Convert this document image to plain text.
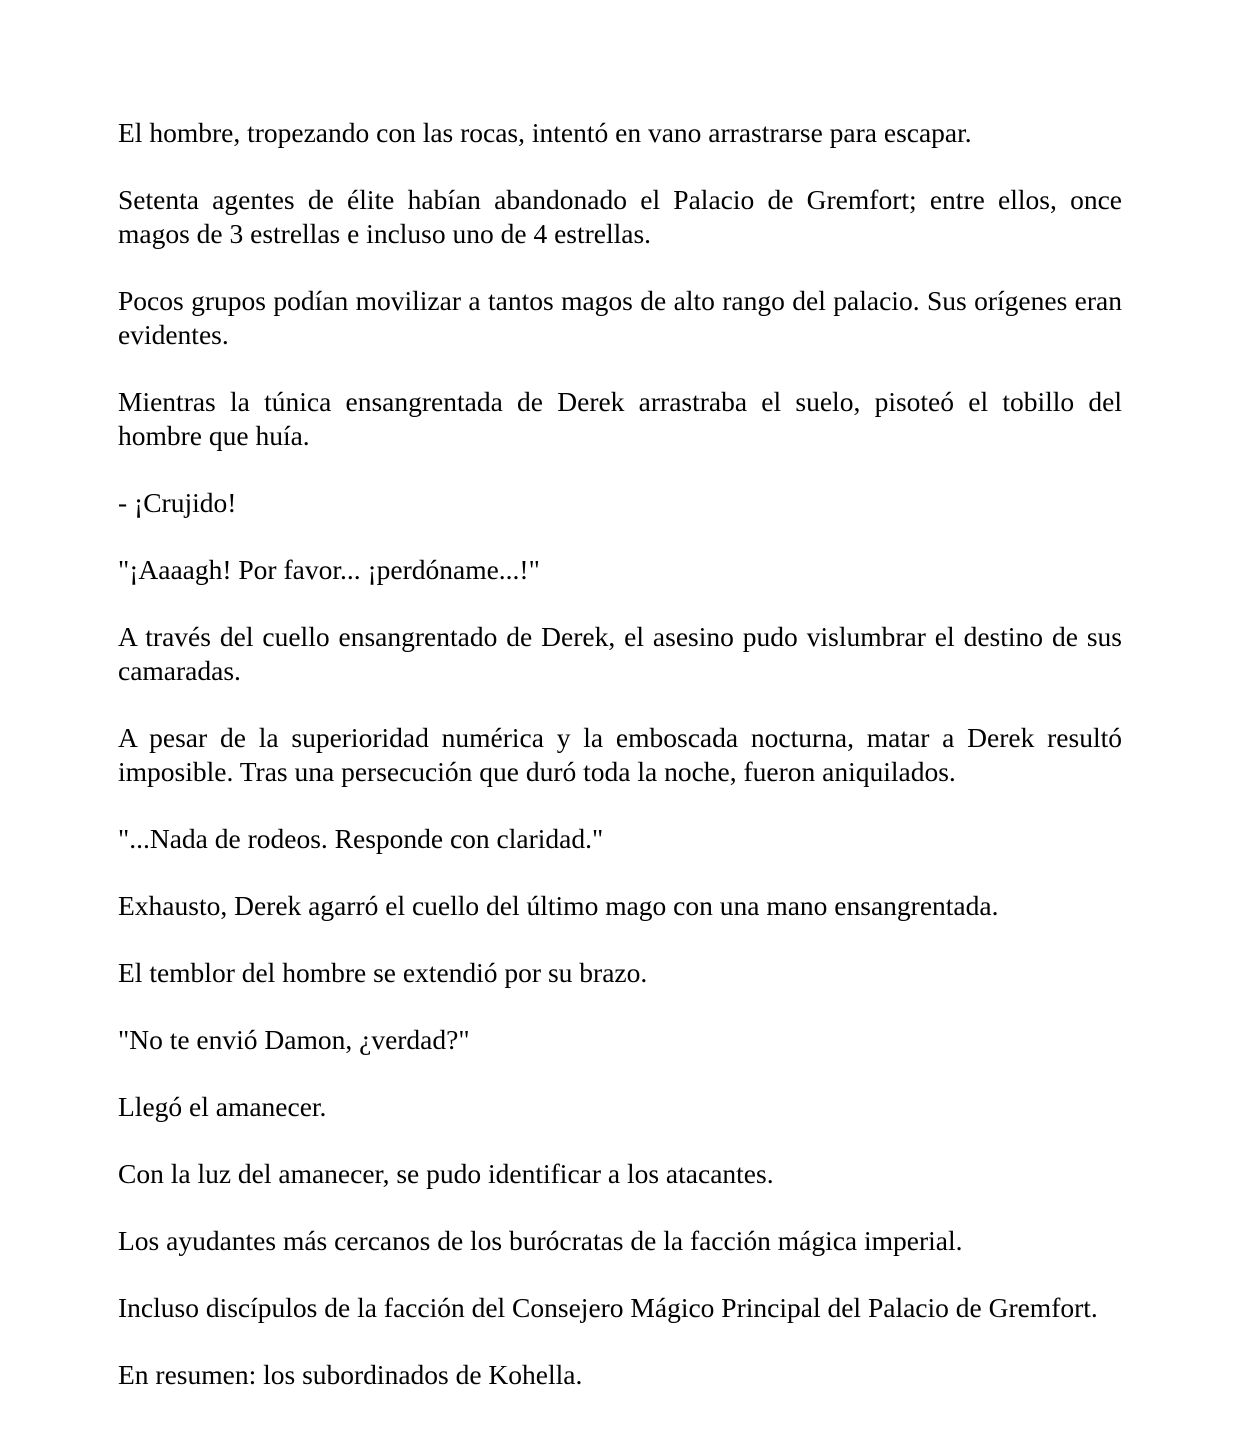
El hombre, tropezando con las rocas, intentó en vano arrastrarse para escapar.

Setenta agentes de élite habían abandonado el Palacio de Gremfort; entre ellos, once magos de 3 estrellas e incluso uno de 4 estrellas.

Pocos grupos podían movilizar a tantos magos de alto rango del palacio. Sus orígenes eran evidentes.

Mientras la túnica ensangrentada de Derek arrastraba el suelo, pisoteó el tobillo del hombre que huía.

- ¡Crujido!

"¡Aaaagh! Por favor... ¡perdóname...!"

A través del cuello ensangrentado de Derek, el asesino pudo vislumbrar el destino de sus camaradas.

A pesar de la superioridad numérica y la emboscada nocturna, matar a Derek resultó imposible. Tras una persecución que duró toda la noche, fueron aniquilados.

"...Nada de rodeos. Responde con claridad."

Exhausto, Derek agarró el cuello del último mago con una mano ensangrentada.

El temblor del hombre se extendió por su brazo.

"No te envió Damon, ¿verdad?"

Llegó el amanecer.

Con la luz del amanecer, se pudo identificar a los atacantes.

Los ayudantes más cercanos de los burócratas de la facción mágica imperial.

Incluso discípulos de la facción del Consejero Mágico Principal del Palacio de Gremfort.

En resumen: los subordinados de Kohella.
